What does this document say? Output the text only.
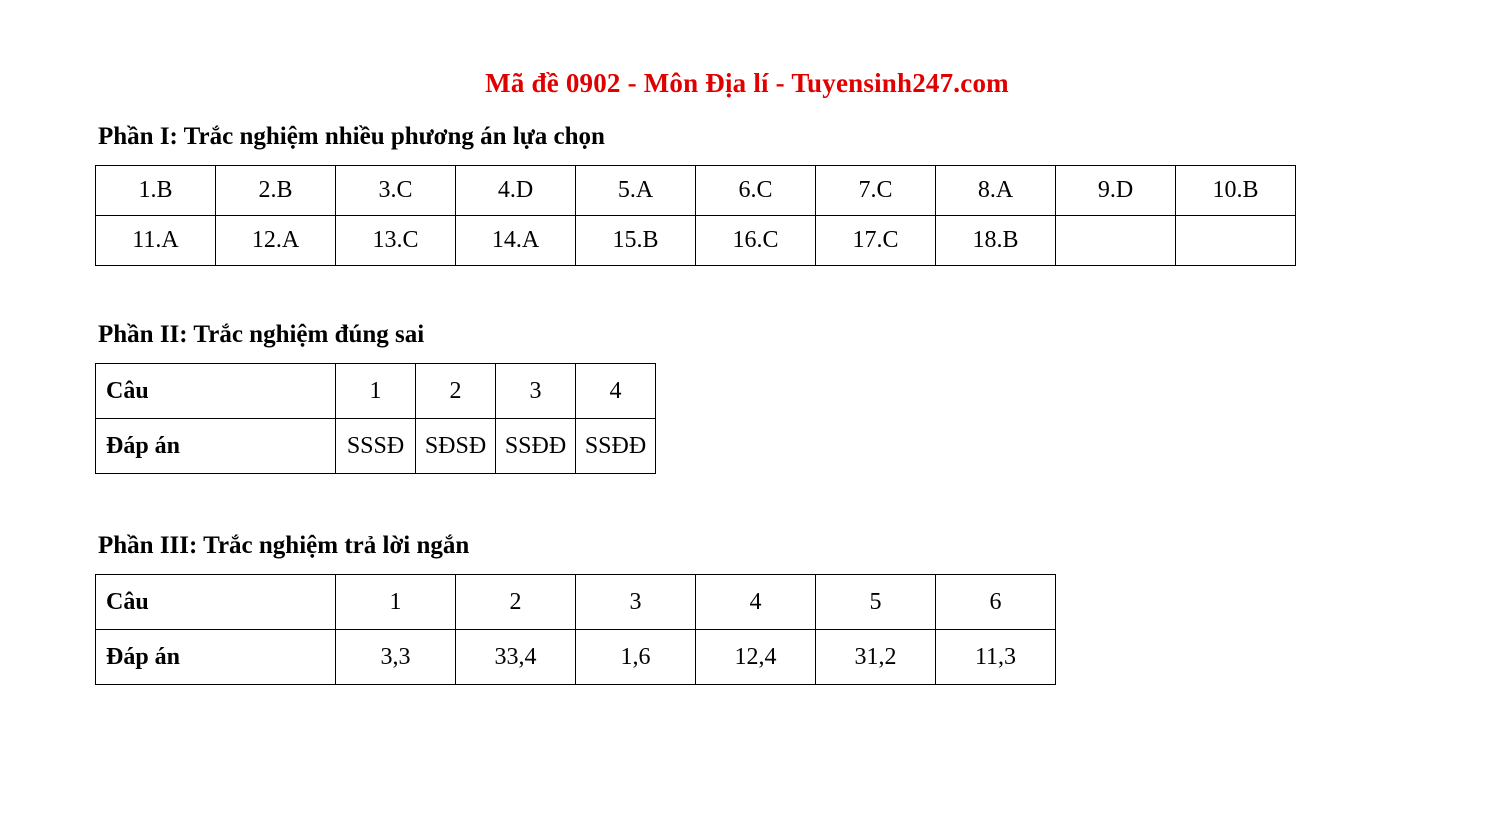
Mã đề 0902 - Môn Địa lí - Tuyensinh247.com
Phần I: Trắc nghiệm nhiều phương án lựa chọn
1.B	2.B	3.C	4.D	5.A	6.C	7.C	8.A	9.D	10.B
11.A	12.A	13.C	14.A	15.B	16.C	17.C	18.B		
Phần II: Trắc nghiệm đúng sai
Câu	1	2	3	4
Đáp án	SSSĐ	SĐSĐ	SSĐĐ	SSĐĐ
Phần III: Trắc nghiệm trả lời ngắn
Câu	1	2	3	4	5	6
Đáp án	3,3	33,4	1,6	12,4	31,2	11,3
